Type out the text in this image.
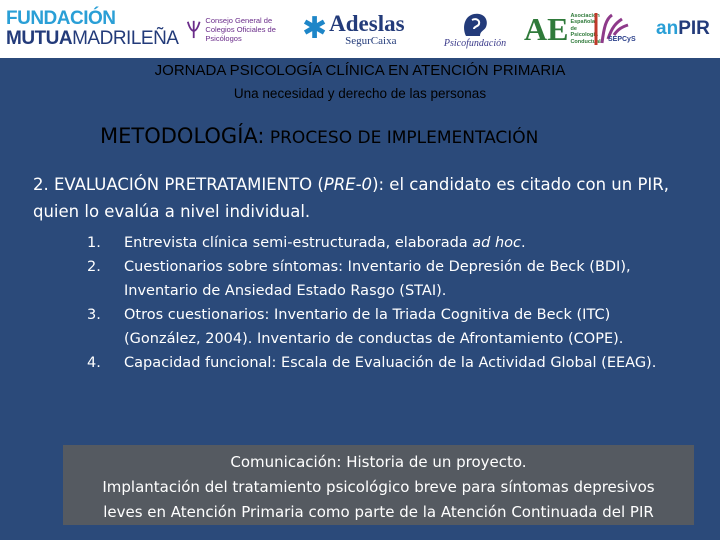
FUNDACIÓN
MUTUAMADRILEÑA
Consejo General de Colegios Oficiales de Psicólogos	✱ Adeslas
SegurCaixa	Psicofundación AE Asociación Española de Psicología Conductual SEPCyS
an PIR
JORNADA PSICOLOGÍA CLÍNICA EN ATENCIÓN PRIMARIA
Una necesidad y derecho de las personas
METODOLOGÍA: PROCESO DE IMPLEMENTACIÓN
2. EVALUACIÓN PRETRATAMIENTO (PRE-0): el candidato es citado con un PIR, quien lo evalúa a nivel individual.
1.	Entrevista clínica semi-estructurada, elaborada ad hoc.
2.	Cuestionarios sobre síntomas: Inventario de Depresión de Beck (BDI), Inventario de Ansiedad Estado Rasgo (STAI).
3.	Otros cuestionarios: Inventario de la Triada Cognitiva de Beck (ITC) (González, 2004). Inventario de conductas de Afrontamiento (COPE).
4.	Capacidad funcional: Escala de Evaluación de la Actividad Global (EEAG).
Comunicación: Historia de un proyecto.
Implantación del tratamiento psicológico breve para síntomas depresivos
leves en Atención Primaria como parte de la Atención Continuada del PIR
